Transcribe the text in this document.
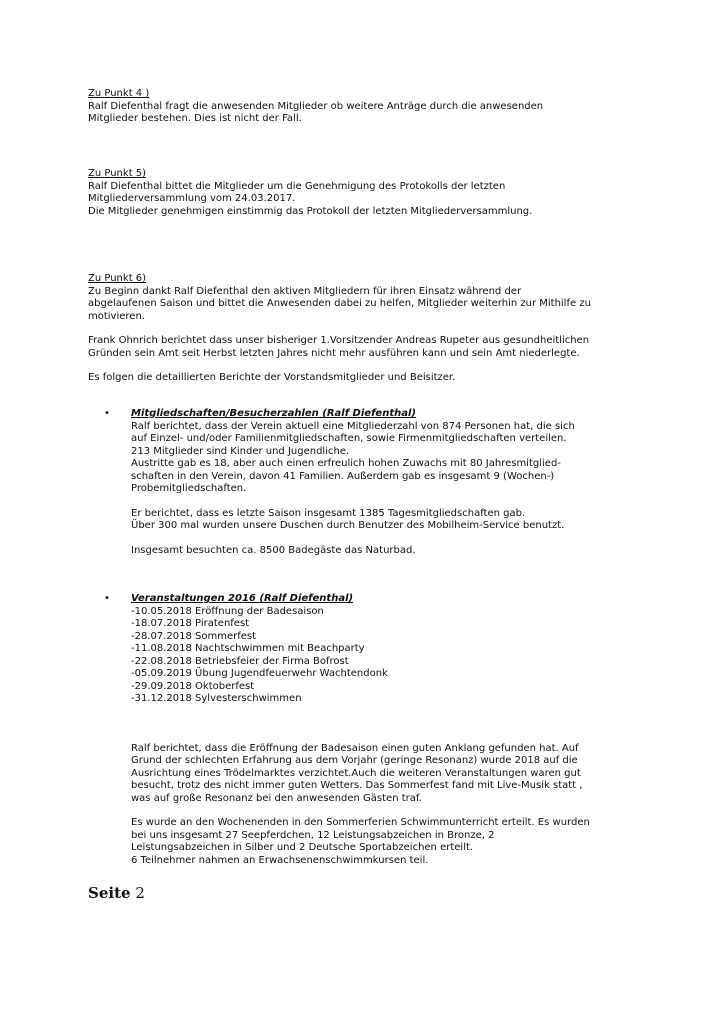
Zu Punkt 4 )

Ralf Diefenthal fragt die anwesenden Mitglieder ob weitere Anträge durch die anwesenden

Mitglieder bestehen. Dies ist nicht der Fall.

Zu Punkt 5)

Ralf Diefenthal bittet die Mitglieder um die Genehmigung des Protokolls der letzten

Mitgliederversammlung vom 24.03.2017.

Die Mitglieder genehmigen einstimmig das Protokoll der letzten Mitgliederversammlung.

Zu Punkt 6)

Zu Beginn dankt Ralf Diefenthal den aktiven Mitgliedern für ihren Einsatz während der

abgelaufenen Saison und bittet die Anwesenden dabei zu helfen, Mitglieder weiterhin zur Mithilfe zu

motivieren.

Frank Ohnrich berichtet dass unser bisheriger 1.Vorsitzender Andreas Rupeter aus gesundheitlichen

Gründen sein Amt seit Herbst letzten Jahres nicht mehr ausführen kann und sein Amt niederlegte.

Es folgen die detaillierten Berichte der Vorstandsmitglieder und Beisitzer.

•	Mitgliedschaften/Besucherzahlen (Ralf Diefenthal)

Ralf berichtet, dass der Verein aktuell eine Mitgliederzahl von 874 Personen hat, die sich

auf Einzel- und/oder Familienmitgliedschaften, sowie Firmenmitgliedschaften verteilen.

213 Mitglieder sind Kinder und Jugendliche.

Austritte gab es 18, aber auch einen erfreulich hohen Zuwachs mit 80 Jahresmitglied-

schaften in den Verein, davon 41 Familien. Außerdem gab es insgesamt 9 (Wochen-)

Probemitgliedschaften.

Er berichtet, dass es letzte Saison insgesamt 1385 Tagesmitgliedschaften gab.

Über 300 mal wurden unsere Duschen durch Benutzer des Mobilheim-Service benutzt.

Insgesamt besuchten ca. 8500 Badegäste das Naturbad.

•	Veranstaltungen 2016 (Ralf Diefenthal)

-10.05.2018 Eröffnung der Badesaison

-18.07.2018 Piratenfest

-28.07.2018 Sommerfest

-11.08.2018 Nachtschwimmen mit Beachparty

-22.08.2018 Betriebsfeier der Firma Bofrost

-05.09.2019 Übung Jugendfeuerwehr Wachtendonk

-29.09.2018 Oktoberfest

-31.12.2018 Sylvesterschwimmen

Ralf berichtet, dass die Eröffnung der Badesaison einen guten Anklang gefunden hat. Auf

Grund der schlechten Erfahrung aus dem Vorjahr (geringe Resonanz) wurde 2018 auf die

Ausrichtung eines Trödelmarktes verzichtet.Auch die weiteren Veranstaltungen waren gut

besucht, trotz des nicht immer guten Wetters. Das Sommerfest fand mit Live-Musik statt ,

was auf große Resonanz bei den anwesenden Gästen traf.

Es wurde an den Wochenenden in den Sommerferien Schwimmunterricht erteilt. Es wurden

bei uns insgesamt 27 Seepferdchen, 12 Leistungsabzeichen in Bronze, 2

Leistungsabzeichen in Silber und 2 Deutsche Sportabzeichen erteilt.

6 Teilnehmer nahmen an Erwachsenenschwimmkursen teil.

Seite 2
